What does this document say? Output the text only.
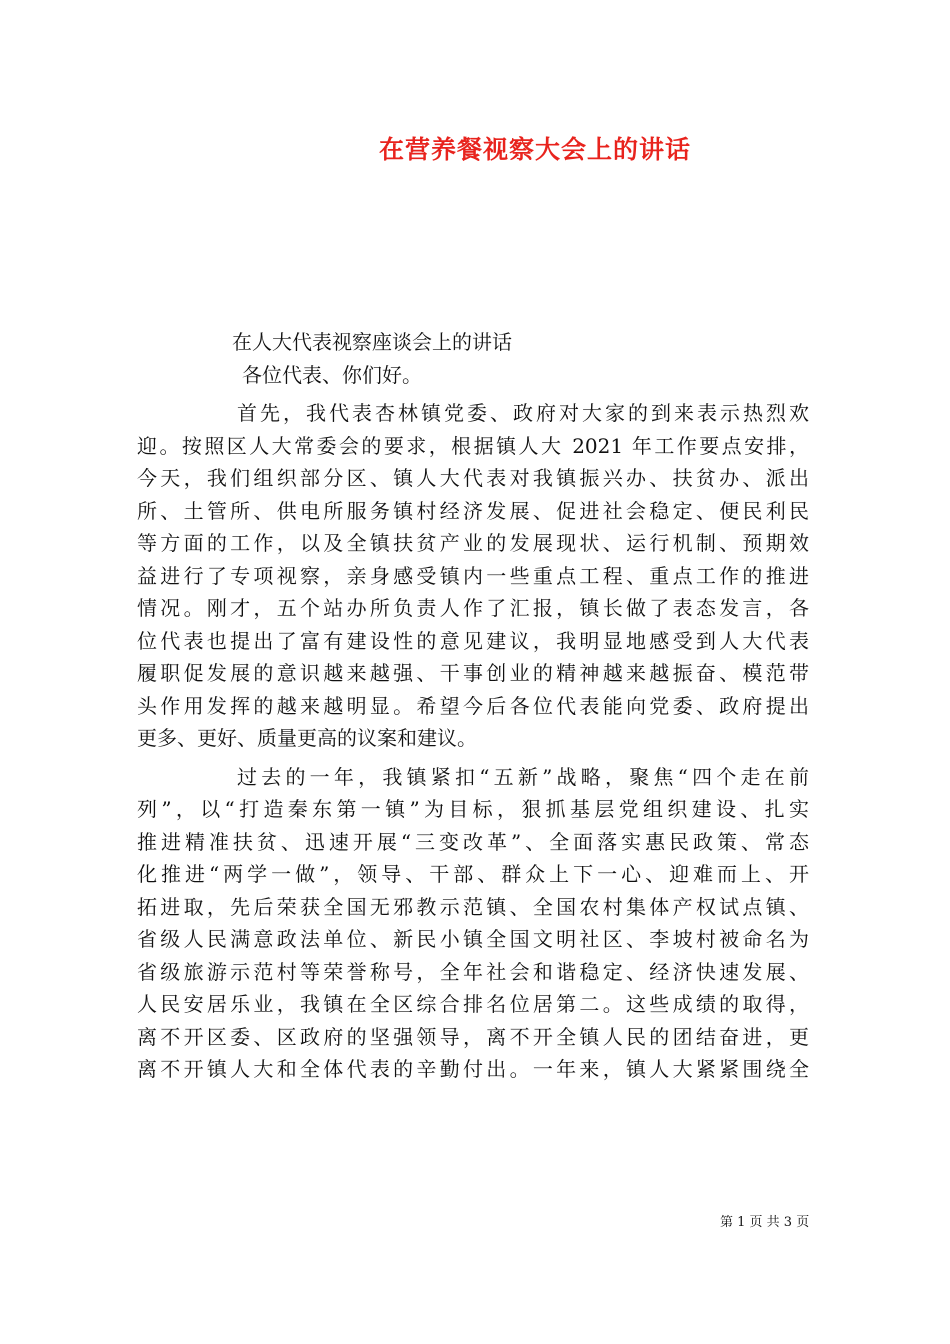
在营养餐视察大会上的讲话
在人大代表视察座谈会上的讲话
各位代表、你们好。
首先，我代表杏林镇党委、政府对大家的到来表示热烈欢
迎。按照区人大常委会的要求，根据镇人大 2021 年工作要点安排，
今天，我们组织部分区、镇人大代表对我镇振兴办、扶贫办、派出
所、土管所、供电所服务镇村经济发展、促进社会稳定、便民利民
等方面的工作，以及全镇扶贫产业的发展现状、运行机制、预期效
益进行了专项视察，亲身感受镇内一些重点工程、重点工作的推进
情况。刚才，五个站办所负责人作了汇报，镇长做了表态发言，各
位代表也提出了富有建设性的意见建议，我明显地感受到人大代表
履职促发展的意识越来越强、干事创业的精神越来越振奋、模范带
头作用发挥的越来越明显。希望今后各位代表能向党委、政府提出
更多、更好、质量更高的议案和建议。
过去的一年，我镇紧扣“五新”战略，聚焦“四个走在前
列”，以“打造秦东第一镇”为目标，狠抓基层党组织建设、扎实
推进精准扶贫、迅速开展“三变改革”、全面落实惠民政策、常态
化推进“两学一做”，领导、干部、群众上下一心、迎难而上、开
拓进取，先后荣获全国无邪教示范镇、全国农村集体产权试点镇、
省级人民满意政法单位、新民小镇全国文明社区、李坡村被命名为
省级旅游示范村等荣誉称号，全年社会和谐稳定、经济快速发展、
人民安居乐业，我镇在全区综合排名位居第二。这些成绩的取得，
离不开区委、区政府的坚强领导，离不开全镇人民的团结奋进，更
离不开镇人大和全体代表的辛勤付出。一年来，镇人大紧紧围绕全
第 1 页 共 3 页
